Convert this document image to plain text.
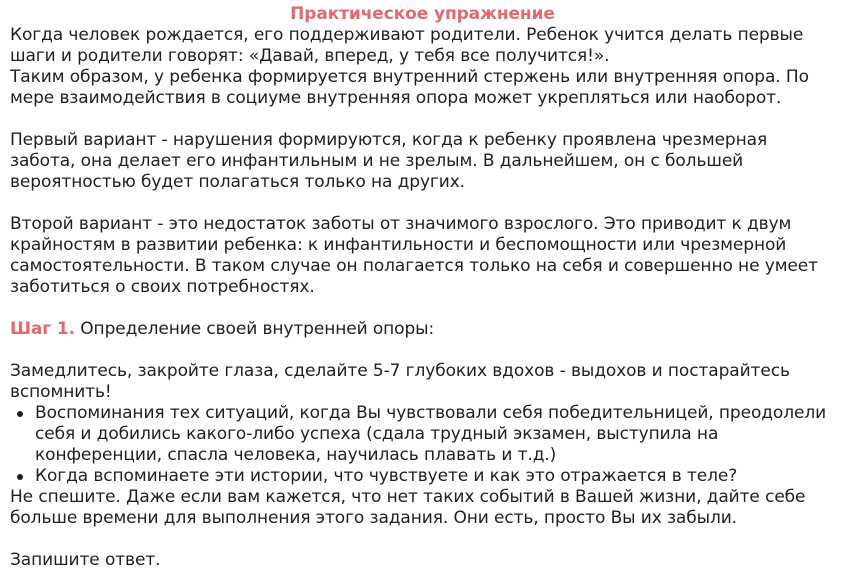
Практическое упражнение

Когда человек рождается, его поддерживают родители. Ребенок учится делать первые шаги и родители говорят: «Давай, вперед, у тебя все получится!».

Таким образом, у ребенка формируется внутренний стержень или внутренняя опора. По мере взаимодействия в социуме внутренняя опора может укрепляться или наоборот.

Первый вариант - нарушения формируются, когда к ребенку проявлена чрезмерная забота, она делает его инфантильным и не зрелым. В дальнейшем, он с большей вероятностью будет полагаться только на других.

Второй вариант - это недостаток заботы от значимого взрослого. Это приводит к двум крайностям в развитии ребенка: к инфантильности и беспомощности или чрезмерной самостоятельности. В таком случае он полагается только на себя и совершенно не умеет заботиться о своих потребностях.

Шаг 1. Определение своей внутренней опоры:

Замедлитесь, закройте глаза, сделайте 5-7 глубоких вдохов - выдохов и постарайтесь вспомнить!

Воспоминания тех ситуаций, когда Вы чувствовали себя победительницей, преодолели себя и добились какого-либо успеха (сдала трудный экзамен, выступила на конференции, спасла человека, научилась плавать и т.д.)
Когда вспоминаете эти истории, что чувствуете и как это отражается в теле?

Не спешите. Даже если вам кажется, что нет таких событий в Вашей жизни, дайте себе больше времени для выполнения этого задания. Они есть, просто Вы их забыли.

Запишите ответ.
